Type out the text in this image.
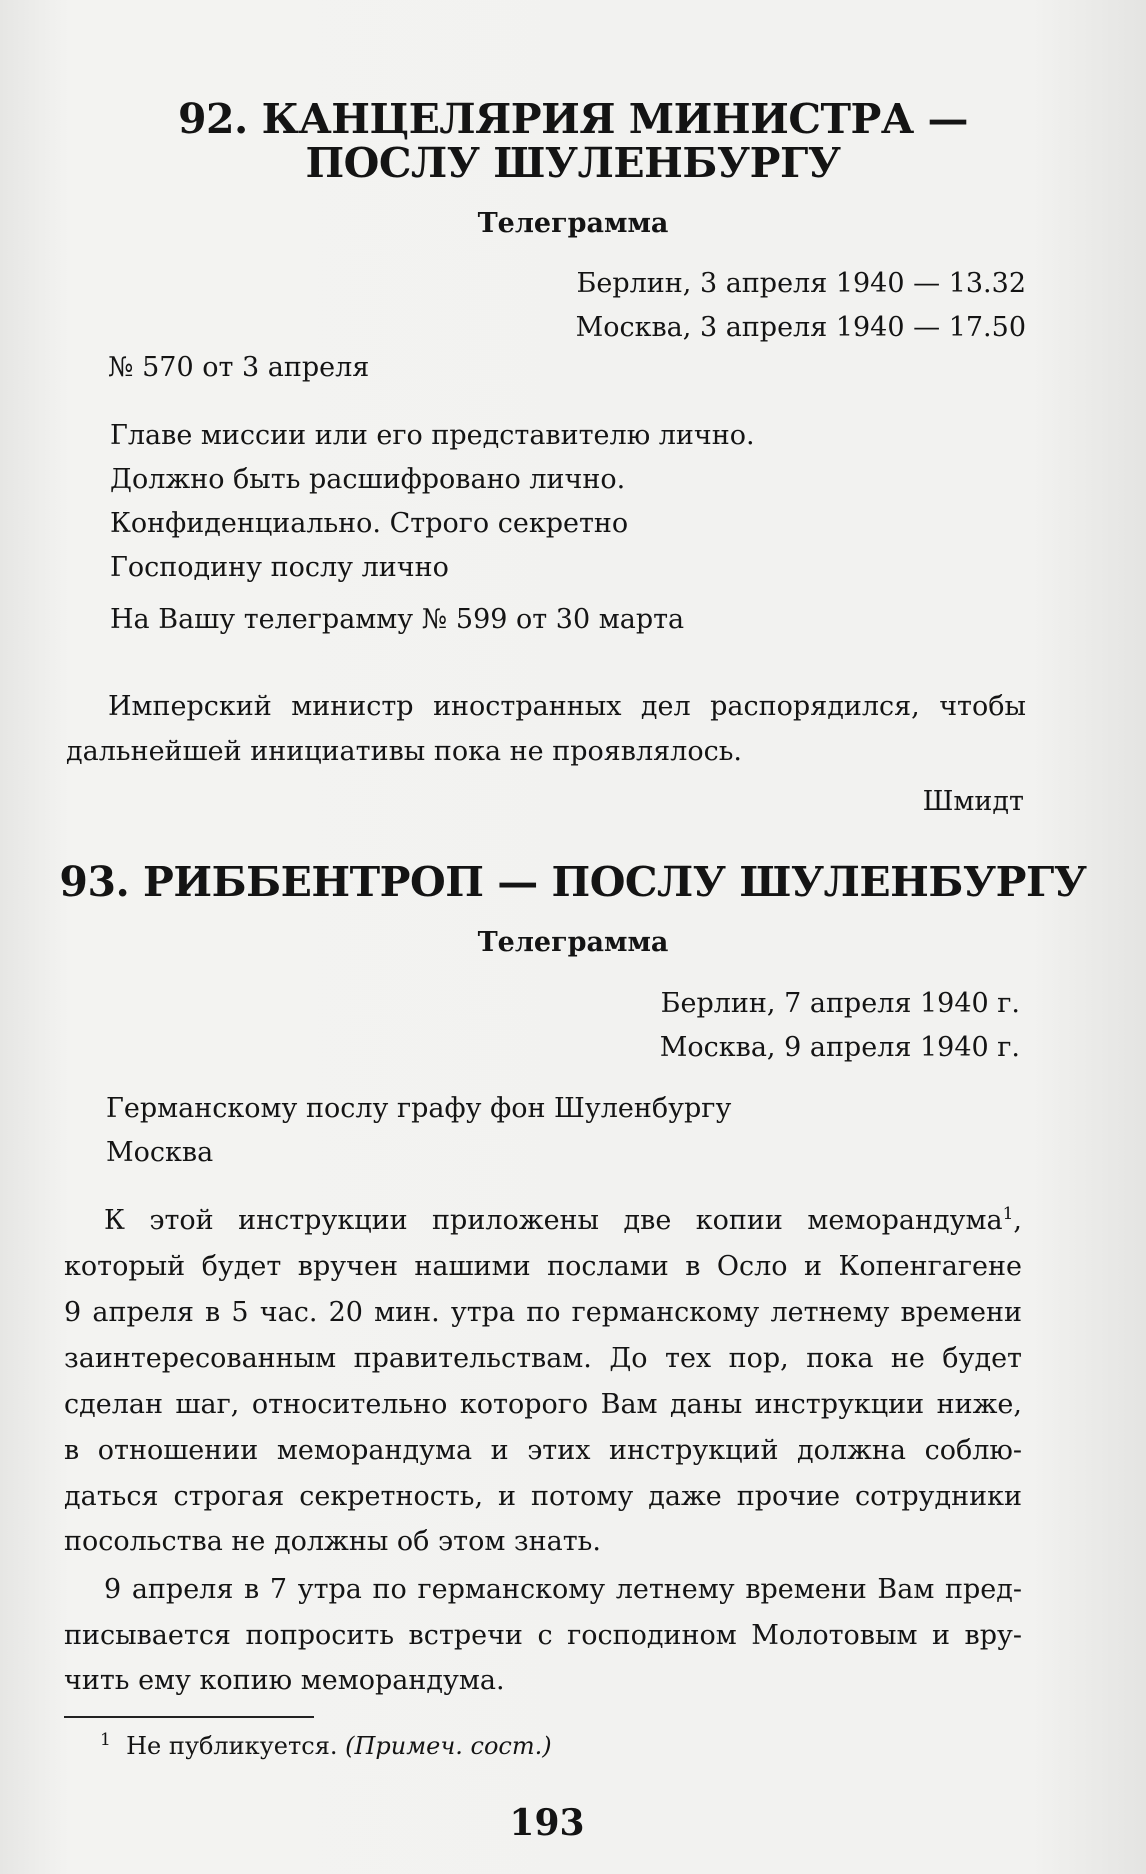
92. КАНЦЕЛЯРИЯ МИНИСТРА —
ПОСЛУ ШУЛЕНБУРГУ
Телеграмма
Берлин, 3 апреля 1940 — 13.32
Москва, 3 апреля 1940 — 17.50
№ 570 от 3 апреля
Главе миссии или его представителю лично.
Должно быть расшифровано лично.
Конфиденциально. Строго секретно
Господину послу лично
На Вашу телеграмму № 599 от 30 марта
Имперский министр иностранных дел распорядился, чтобы
дальнейшей инициативы пока не проявлялось.
Шмидт
93. РИББЕНТРОП — ПОСЛУ ШУЛЕНБУРГУ
Телеграмма
Берлин, 7 апреля 1940 г.
Москва, 9 апреля 1940 г.
Германскому послу графу фон Шуленбургу
Москва
К этой инструкции приложены две копии меморандума$^1$,
который будет вручен нашими послами в Осло и Копенгагене
9 апреля в 5 час. 20 мин. утра по германскому летнему времени
заинтересованным правительствам. До тех пор, пока не будет
сделан шаг, относительно которого Вам даны инструкции ниже,
в отношении меморандума и этих инструкций должна соблю-
даться строгая секретность, и потому даже прочие сотрудники
посольства не должны об этом знать.
9 апреля в 7 утра по германскому летнему времени Вам пред-
писывается попросить встречи с господином Молотовым и вру-
чить ему копию меморандума.
$^1$ Не публикуется. (Примеч. сост.)
193
